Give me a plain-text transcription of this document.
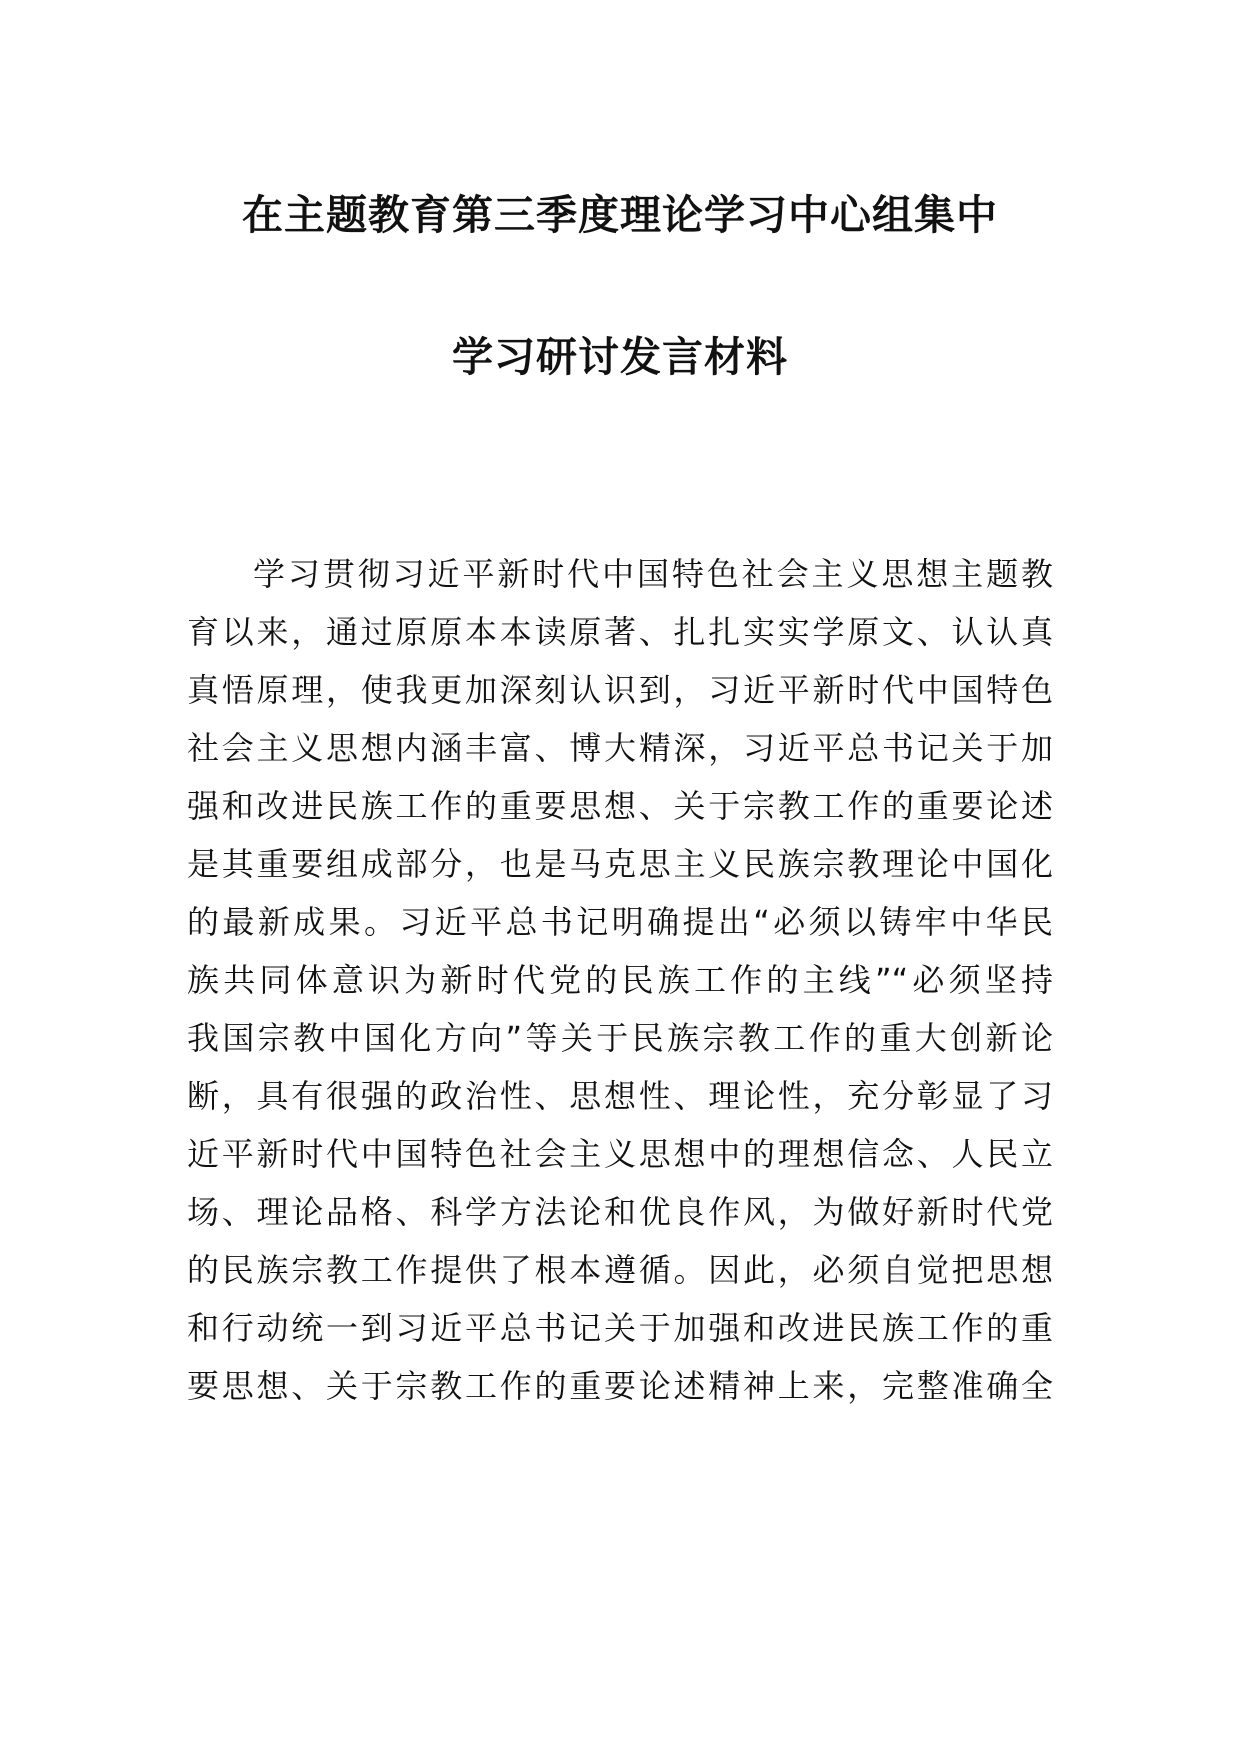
在主题教育第三季度理论学习中心组集中
学习研讨发言材料
学习贯彻习近平新时代中国特色社会主义思想主题教
育以来，通过原原本本读原著、扎扎实实学原文、认认真
真悟原理，使我更加深刻认识到，习近平新时代中国特色
社会主义思想内涵丰富、博大精深，习近平总书记关于加
强和改进民族工作的重要思想、关于宗教工作的重要论述
是其重要组成部分，也是马克思主义民族宗教理论中国化
的最新成果。习近平总书记明确提出“必须以铸牢中华民
族共同体意识为新时代党的民族工作的主线”“必须坚持
我国宗教中国化方向”等关于民族宗教工作的重大创新论
断，具有很强的政治性、思想性、理论性，充分彰显了习
近平新时代中国特色社会主义思想中的理想信念、人民立
场、理论品格、科学方法论和优良作风，为做好新时代党
的民族宗教工作提供了根本遵循。因此，必须自觉把思想
和行动统一到习近平总书记关于加强和改进民族工作的重
要思想、关于宗教工作的重要论述精神上来，完整准确全
